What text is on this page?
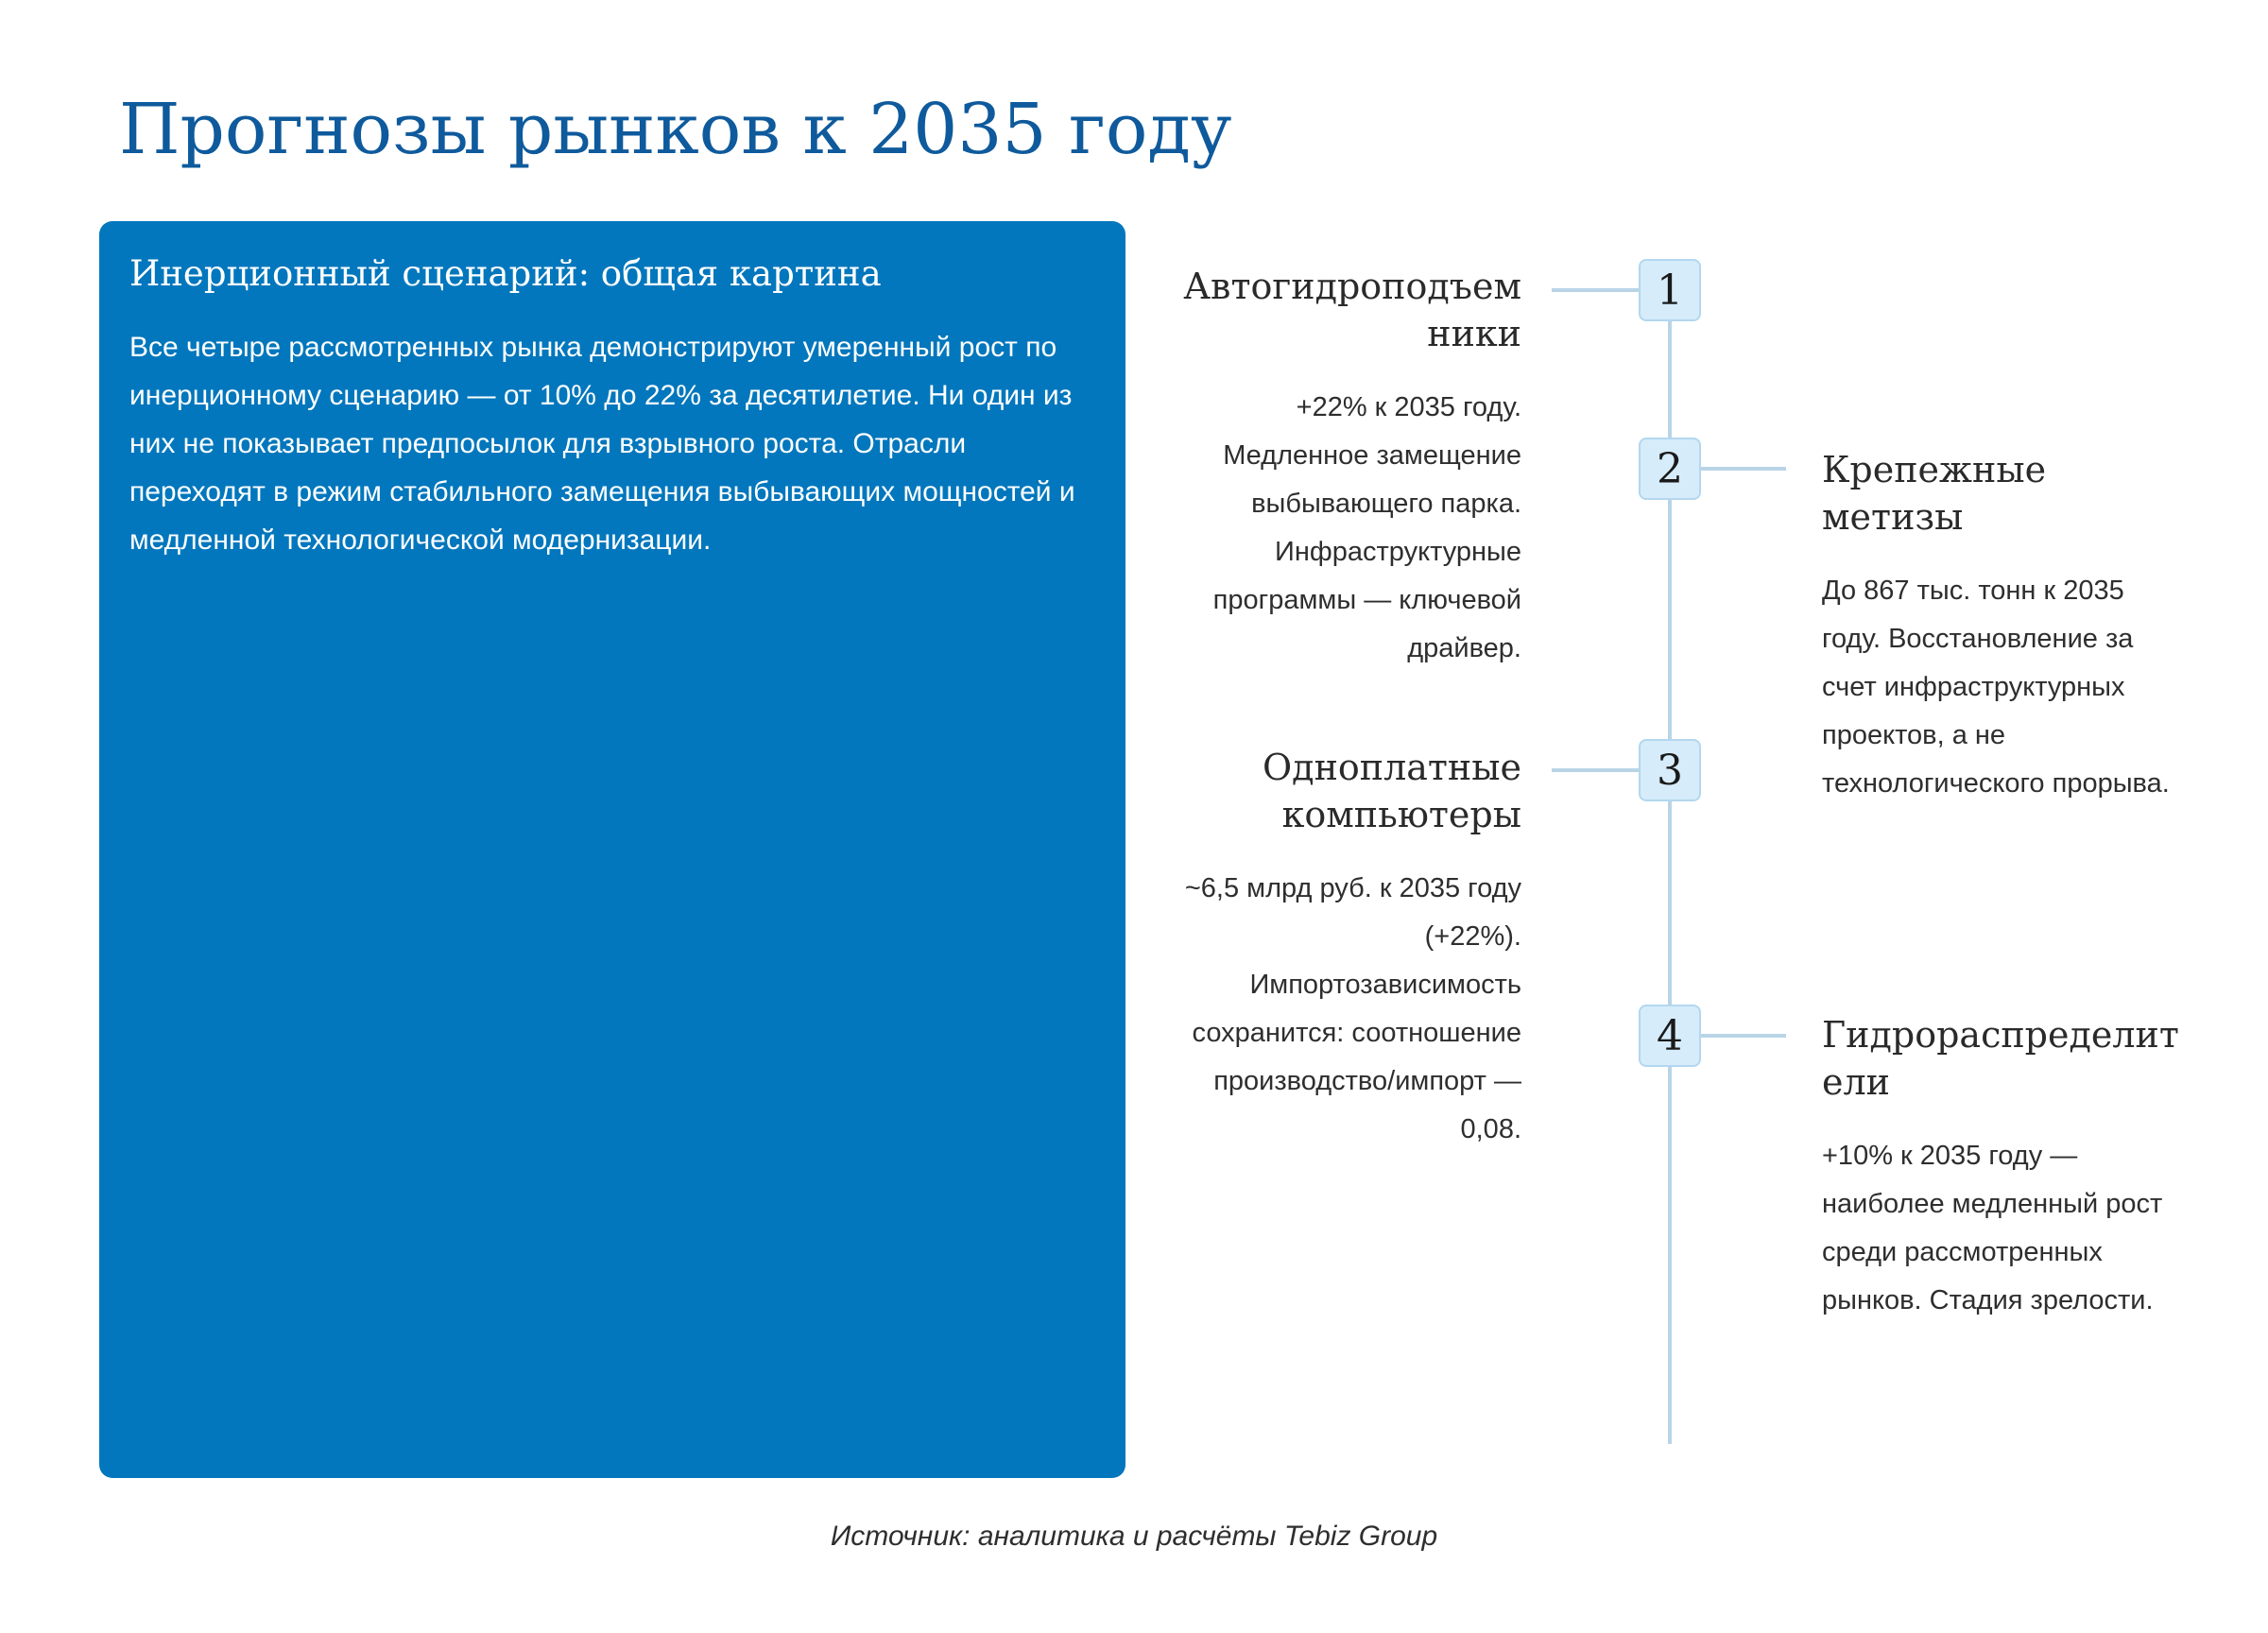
Прогнозы рынков к 2035 году
Инерционный сценарий: общая картина

Все четыре рассмотренных рынка демонстрируют умеренный рост по инерционному сценарию — от 10% до 22% за десятилетие. Ни один из них не показывает предпосылок для взрывного роста. Отрасли переходят в режим стабильного замещения выбывающих мощностей и медленной технологической модернизации.

1
Автогидроподъемники

+22% к 2035 году. Медленное замещение выбывающего парка. Инфраструктурные программы — ключевой драйвер.

2	Крепежные метизы

До 867 тыс. тонн к 2035 году. Восстановление за счет инфраструктурных проектов, а не технологического прорыва.

3
Одноплатные компьютеры

~6,5 млрд руб. к 2035 году (+22%). Импортозависимость сохранится: соотношение производство/импорт — 0,08.

4	Гидрораспределители

+10% к 2035 году — наиболее медленный рост среди рассмотренных рынков. Стадия зрелости.

Источник: аналитика и расчёты Tebiz Group
